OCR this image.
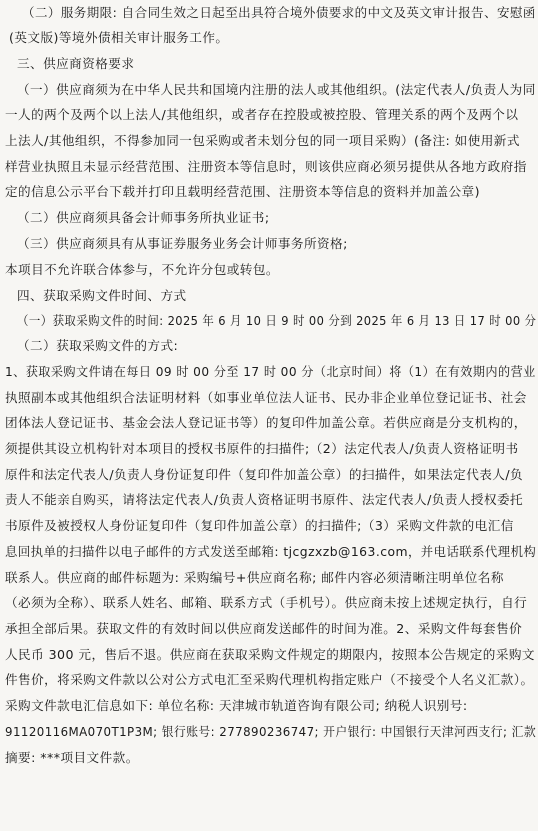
（二）服务期限: 自合同生效之日起至出具符合境外债要求的中文及英文审计报告、安慰函

(英文版)等境外债相关审计服务工作。

三、供应商资格要求

（一）供应商须为在中华人民共和国境内注册的法人或其他组织。(法定代表人/负责人为同

一人的两个及两个以上法人/其他组织，或者存在控股或被控股、管理关系的两个及两个以

上法人/其他组织，不得参加同一包采购或者未划分包的同一项目采购）(备注: 如使用新式

样营业执照且未显示经营范围、注册资本等信息时，则该供应商必须另提供从各地方政府指

定的信息公示平台下载并打印且载明经营范围、注册资本等信息的资料并加盖公章)

（二）供应商须具备会计师事务所执业证书;

（三）供应商须具有从事证券服务业务会计师事务所资格;

本项目不允许联合体参与，不允许分包或转包。

四、获取采购文件时间、方式

（一）获取采购文件的时间: 2025 年 6 月 10 日 9 时 00 分到 2025 年 6 月 13 日 17 时 00 分

（二）获取采购文件的方式:

1、获取采购文件请在每日 09 时 00 分至 17 时 00 分（北京时间）将（1）在有效期内的营业

执照副本或其他组织合法证明材料（如事业单位法人证书、民办非企业单位登记证书、社会

团体法人登记证书、基金会法人登记证书等）的复印件加盖公章。若供应商是分支机构的，

须提供其设立机构针对本项目的授权书原件的扫描件;（2）法定代表人/负责人资格证明书

原件和法定代表人/负责人身份证复印件（复印件加盖公章）的扫描件，如果法定代表人/负

责人不能亲自购买，请将法定代表人/负责人资格证明书原件、法定代表人/负责人授权委托

书原件及被授权人身份证复印件（复印件加盖公章）的扫描件;（3）采购文件款的电汇信

息回执单的扫描件以电子邮件的方式发送至邮箱: tjcgzxzb@163.com，并电话联系代理机构

联系人。供应商的邮件标题为: 采购编号+供应商名称; 邮件内容必须清晰注明单位名称

（必须为全称）、联系人姓名、邮箱、联系方式（手机号）。供应商未按上述规定执行，自行

承担全部后果。获取文件的有效时间以供应商发送邮件的时间为准。2、采购文件每套售价

人民币 300 元，售后不退。供应商在获取采购文件规定的期限内，按照本公告规定的采购文

件售价，将采购文件款以公对公方式电汇至采购代理机构指定账户（不接受个人名义汇款）。

采购文件款电汇信息如下: 单位名称: 天津城市轨道咨询有限公司; 纳税人识别号:

91120116MA070T1P3M; 银行账号: 277890236747; 开户银行: 中国银行天津河西支行; 汇款

摘要: ***项目文件款。
